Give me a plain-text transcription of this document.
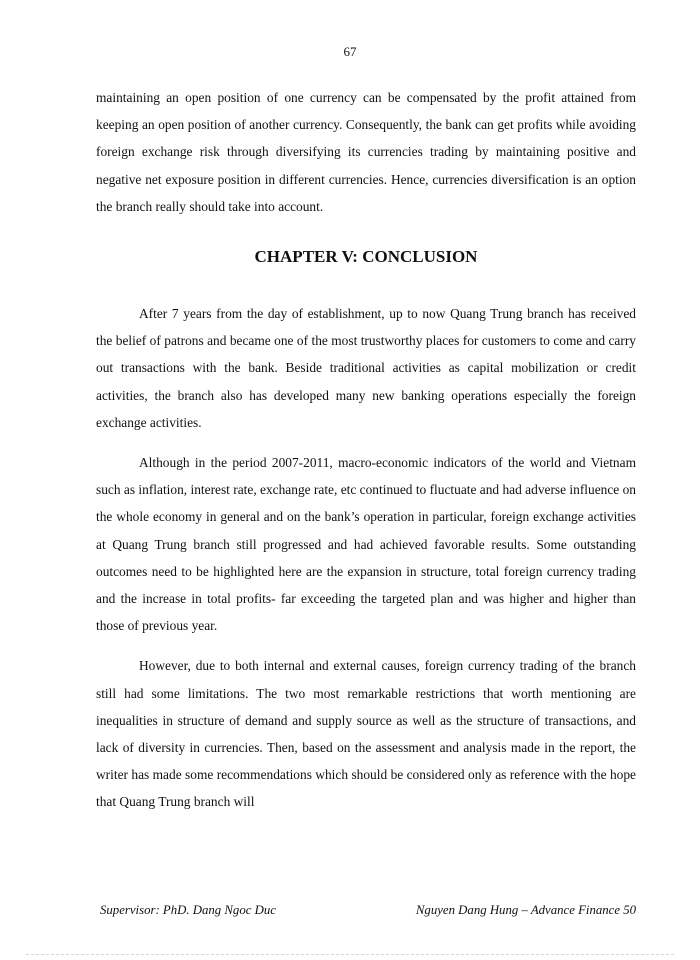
67

maintaining an open position of one currency can be compensated by the profit attained from keeping an open position of another currency. Consequently, the bank can get profits while avoiding foreign exchange risk through diversifying its currencies trading by maintaining positive and negative net exposure position in different currencies. Hence, currencies diversification is an option the branch really should take into account.

CHAPTER V: CONCLUSION

After 7 years from the day of establishment, up to now Quang Trung branch has received the belief of patrons and became one of the most trustworthy places for customers to come and carry out transactions with the bank. Beside traditional activities as capital mobilization or credit activities, the branch also has developed many new banking operations especially the foreign exchange activities.

Although in the period 2007-2011, macro-economic indicators of the world and Vietnam such as inflation, interest rate, exchange rate, etc continued to fluctuate and had adverse influence on the whole economy in general and on the bank’s operation in particular, foreign exchange activities at Quang Trung branch still progressed and had achieved favorable results. Some outstanding outcomes need to be highlighted here are the expansion in structure, total foreign currency trading and the increase in total profits- far exceeding the targeted plan and was higher and higher than those of previous year.

However, due to both internal and external causes, foreign currency trading of the branch still had some limitations. The two most remarkable restrictions that worth mentioning are inequalities in structure of demand and supply source as well as the structure of transactions, and lack of diversity in currencies. Then, based on the assessment and analysis made in the report, the writer has made some recommendations which should be considered only as reference with the hope that Quang Trung branch will

Supervisor: PhD. Dang Ngoc Duc	Nguyen Dang Hung – Advance Finance 50
